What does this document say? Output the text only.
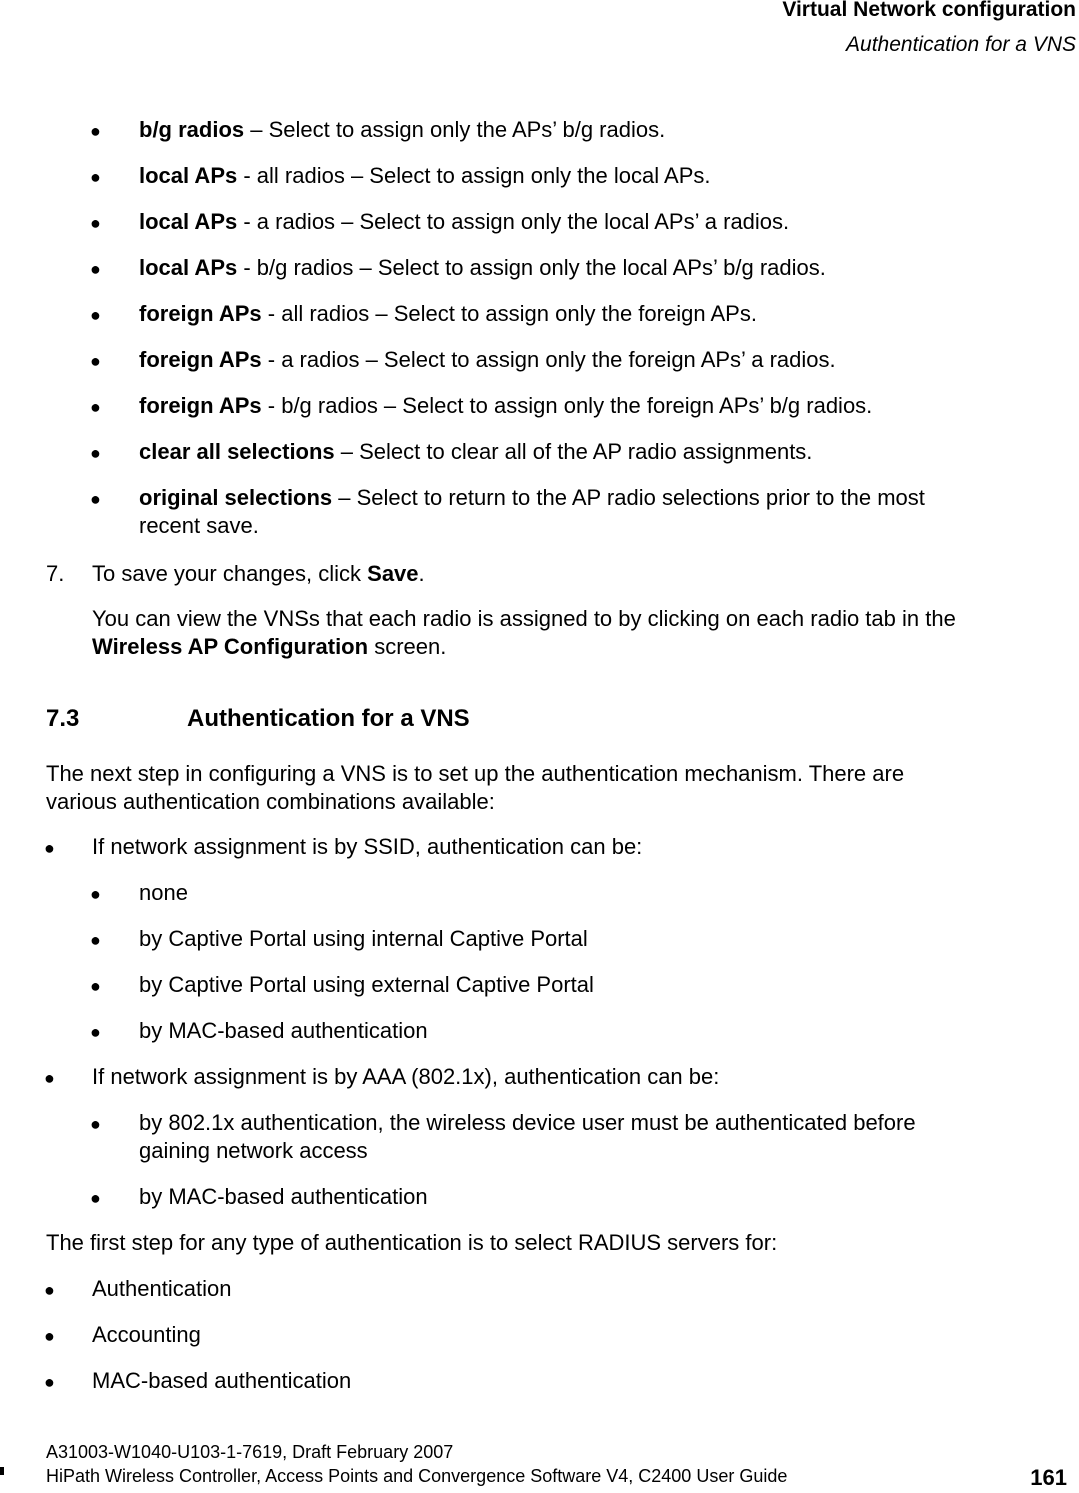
Virtual Network configuration
Authentication for a VNS
● b/g radios – Select to assign only the APs’ b/g radios.
● local APs - all radios – Select to assign only the local APs.
● local APs - a radios – Select to assign only the local APs’ a radios.
● local APs - b/g radios – Select to assign only the local APs’ b/g radios.
● foreign APs - all radios – Select to assign only the foreign APs.
● foreign APs - a radios – Select to assign only the foreign APs’ a radios.
● foreign APs - b/g radios – Select to assign only the foreign APs’ b/g radios.
● clear all selections – Select to clear all of the AP radio assignments.
● original selections – Select to return to the AP radio selections prior to the most
recent save.
7. To save your changes, click Save.
You can view the VNSs that each radio is assigned to by clicking on each radio tab in the
Wireless AP Configuration screen.
7.3	Authentication for a VNS
The next step in configuring a VNS is to set up the authentication mechanism. There are
various authentication combinations available:
● If network assignment is by SSID, authentication can be:
● none
● by Captive Portal using internal Captive Portal
● by Captive Portal using external Captive Portal
● by MAC-based authentication
● If network assignment is by AAA (802.1x), authentication can be:
● by 802.1x authentication, the wireless device user must be authenticated before
gaining network access
● by MAC-based authentication
The first step for any type of authentication is to select RADIUS servers for:
● Authentication
● Accounting
● MAC-based authentication
A31003-W1040-U103-1-7619, Draft February 2007
HiPath Wireless Controller, Access Points and Convergence Software V4, C2400 User Guide	161
